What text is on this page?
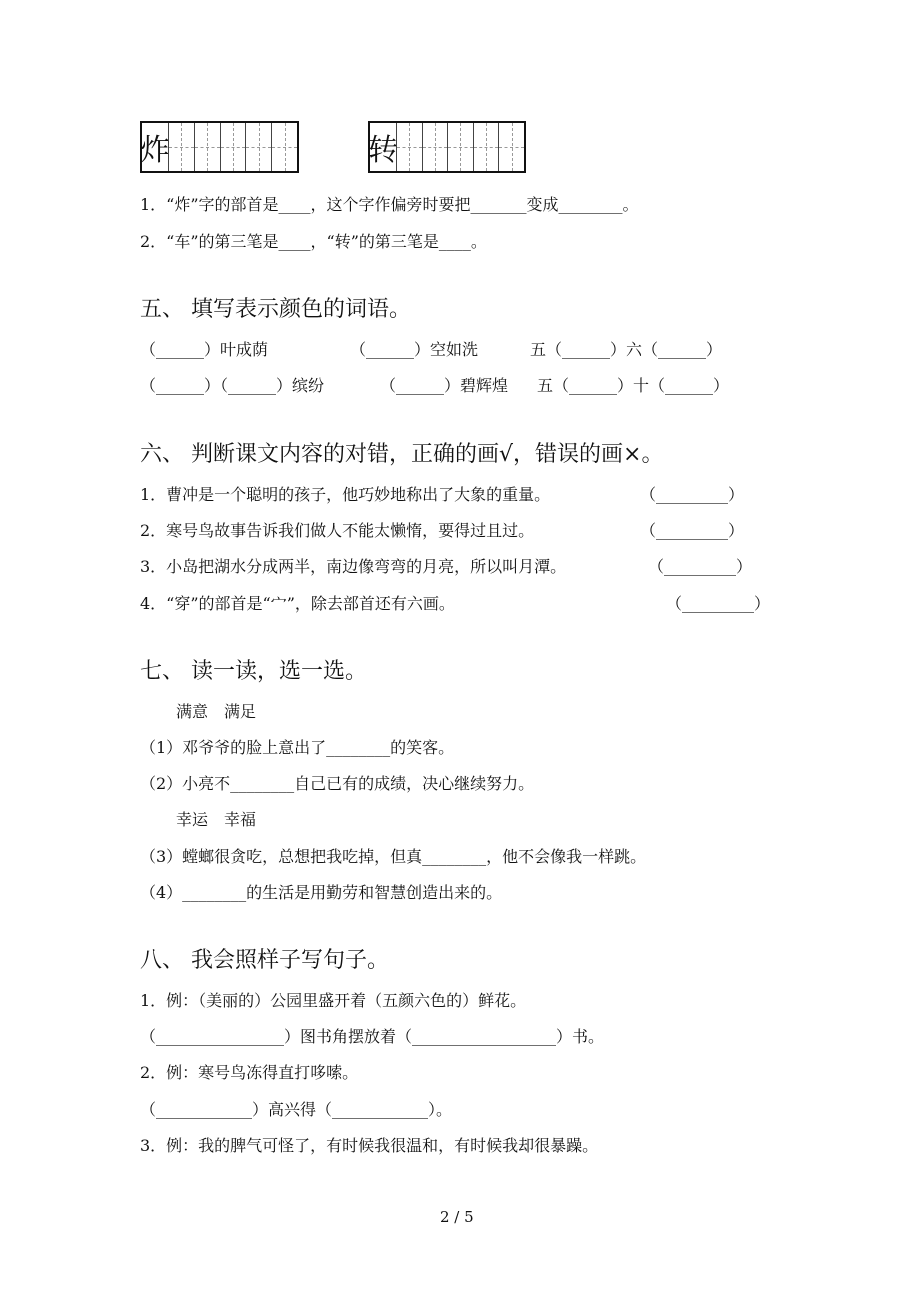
炸	转
1．“炸”字的部首是____，这个字作偏旁时要把_______变成________。
2．“车”的第三笔是____，“转”的第三笔是____。
五、 填写表示颜色的词语。
（______）叶成荫	（______）空如洗	五（______）六（______）
（______）（______）缤纷	（______）碧辉煌 五（______）十（______）
六、 判断课文内容的对错，正确的画√，错误的画×。
1．曹冲是一个聪明的孩子，他巧妙地称出了大象的重量。	（_________）
2．寒号鸟故事告诉我们做人不能太懒惰，要得过且过。	（_________）
3．小岛把湖水分成两半，南边像弯弯的月亮，所以叫月潭。	（_________）
4．“穿”的部首是“宀”，除去部首还有六画。	（_________）
七、 读一读，选一选。
满意　满足
（1）邓爷爷的脸上意出了________的笑客。
（2）小亮不________自己已有的成绩，决心继续努力。
幸运　幸福
（3）螳螂很贪吃，总想把我吃掉，但真________，他不会像我一样跳。
（4）________的生活是用勤劳和智慧创造出来的。
八、 我会照样子写句子。
1．例：（美丽的）公园里盛开着（五颜六色的）鲜花。
（________________）图书角摆放着（__________________）书。
2．例：寒号鸟冻得直打哆嗦。
（____________）高兴得（____________）。
3．例：我的脾气可怪了，有时候我很温和，有时候我却很暴躁。
2 / 5
